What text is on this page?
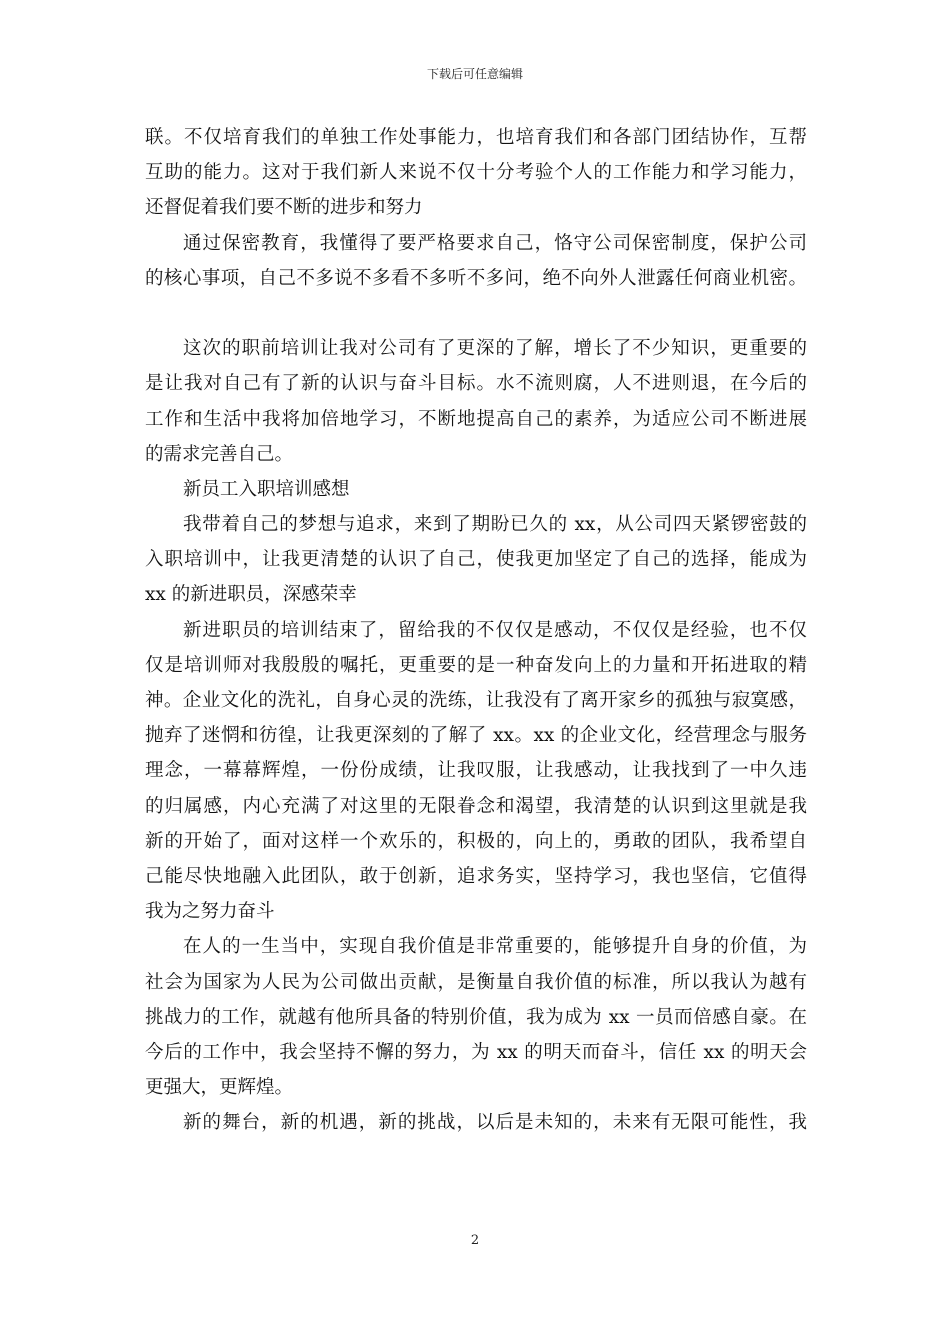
下载后可任意编辑
联。不仅培育我们的单独工作处事能力，也培育我们和各部门团结协作，互帮
互助的能力。这对于我们新人来说不仅十分考验个人的工作能力和学习能力，
还督促着我们要不断的进步和努力
通过保密教育，我懂得了要严格要求自己，恪守公司保密制度，保护公司
的核心事项，自己不多说不多看不多听不多问，绝不向外人泄露任何商业机密。
这次的职前培训让我对公司有了更深的了解，增长了不少知识，更重要的
是让我对自己有了新的认识与奋斗目标。水不流则腐，人不进则退，在今后的
工作和生活中我将加倍地学习，不断地提高自己的素养，为适应公司不断进展
的需求完善自己。
新员工入职培训感想
我带着自己的梦想与追求，来到了期盼已久的 xx，从公司四天紧锣密鼓的
入职培训中，让我更清楚的认识了自己，使我更加坚定了自己的选择，能成为
xx 的新进职员，深感荣幸
新进职员的培训结束了，留给我的不仅仅是感动，不仅仅是经验，也不仅
仅是培训师对我殷殷的嘱托，更重要的是一种奋发向上的力量和开拓进取的精
神。企业文化的洗礼，自身心灵的洗练，让我没有了离开家乡的孤独与寂寞感，
抛弃了迷惘和彷徨，让我更深刻的了解了 xx。xx 的企业文化，经营理念与服务
理念，一幕幕辉煌，一份份成绩，让我叹服，让我感动，让我找到了一中久违
的归属感，内心充满了对这里的无限眷念和渴望，我清楚的认识到这里就是我
新的开始了，面对这样一个欢乐的，积极的，向上的，勇敢的团队，我希望自
己能尽快地融入此团队，敢于创新，追求务实，坚持学习，我也坚信，它值得
我为之努力奋斗
在人的一生当中，实现自我价值是非常重要的，能够提升自身的价值，为
社会为国家为人民为公司做出贡献，是衡量自我价值的标准，所以我认为越有
挑战力的工作，就越有他所具备的特别价值，我为成为 xx 一员而倍感自豪。在
今后的工作中，我会坚持不懈的努力，为 xx 的明天而奋斗，信任 xx 的明天会
更强大，更辉煌。
新的舞台，新的机遇，新的挑战，以后是未知的，未来有无限可能性，我
2
